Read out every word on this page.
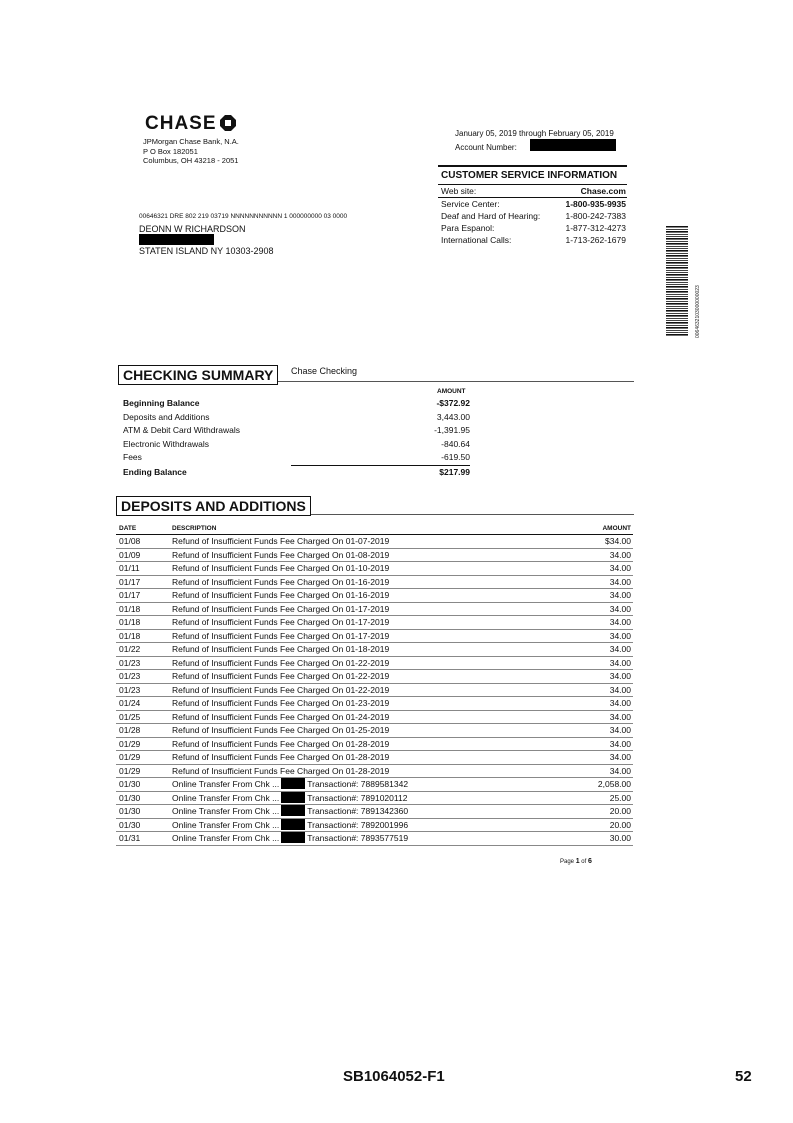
CHASE
JPMorgan Chase Bank, N.A.
P O Box 182051
Columbus, OH 43218 - 2051
January 05, 2019 through February 05, 2019
Account Number:
CUSTOMER SERVICE INFORMATION
Web site:	Chase.com
Service Center:	1-800-935-9935
Deaf and Hard of Hearing:	1-800-242-7383
Para Espanol:	1-877-312-4273
International Calls:	1-713-262-1679
00646321 DRE 802 219 03719 NNNNNNNNNNN 1 000000000 03 0000
DEONN W RICHARDSON
STATEN ISLAND NY 10303-2908
0064632103000000023
CHECKING SUMMARY	Chase Checking
AMOUNT
Beginning Balance	-$372.92
Deposits and Additions	3,443.00
ATM & Debit Card Withdrawals	-1,391.95
Electronic Withdrawals	-840.64
Fees	-619.50
Ending Balance	$217.99
DEPOSITS AND ADDITIONS
DATE	DESCRIPTION	AMOUNT
01/08	Refund of Insufficient Funds Fee Charged On 01-07-2019	$34.00
01/09	Refund of Insufficient Funds Fee Charged On 01-08-2019	34.00
01/11	Refund of Insufficient Funds Fee Charged On 01-10-2019	34.00
01/17	Refund of Insufficient Funds Fee Charged On 01-16-2019	34.00
01/17	Refund of Insufficient Funds Fee Charged On 01-16-2019	34.00
01/18	Refund of Insufficient Funds Fee Charged On 01-17-2019	34.00
01/18	Refund of Insufficient Funds Fee Charged On 01-17-2019	34.00
01/18	Refund of Insufficient Funds Fee Charged On 01-17-2019	34.00
01/22	Refund of Insufficient Funds Fee Charged On 01-18-2019	34.00
01/23	Refund of Insufficient Funds Fee Charged On 01-22-2019	34.00
01/23	Refund of Insufficient Funds Fee Charged On 01-22-2019	34.00
01/23	Refund of Insufficient Funds Fee Charged On 01-22-2019	34.00
01/24	Refund of Insufficient Funds Fee Charged On 01-23-2019	34.00
01/25	Refund of Insufficient Funds Fee Charged On 01-24-2019	34.00
01/28	Refund of Insufficient Funds Fee Charged On 01-25-2019	34.00
01/29	Refund of Insufficient Funds Fee Charged On 01-28-2019	34.00
01/29	Refund of Insufficient Funds Fee Charged On 01-28-2019	34.00
01/29	Refund of Insufficient Funds Fee Charged On 01-28-2019	34.00
01/30	Online Transfer From Chk ...	Transaction#: 7889581342	2,058.00
01/30	Online Transfer From Chk ...	Transaction#: 7891020112	25.00
01/30	Online Transfer From Chk ...	Transaction#: 7891342360	20.00
01/30	Online Transfer From Chk ...	Transaction#: 7892001996	20.00
01/31	Online Transfer From Chk ...	Transaction#: 7893577519	30.00
Page 1 of 6
SB1064052-F1	52
